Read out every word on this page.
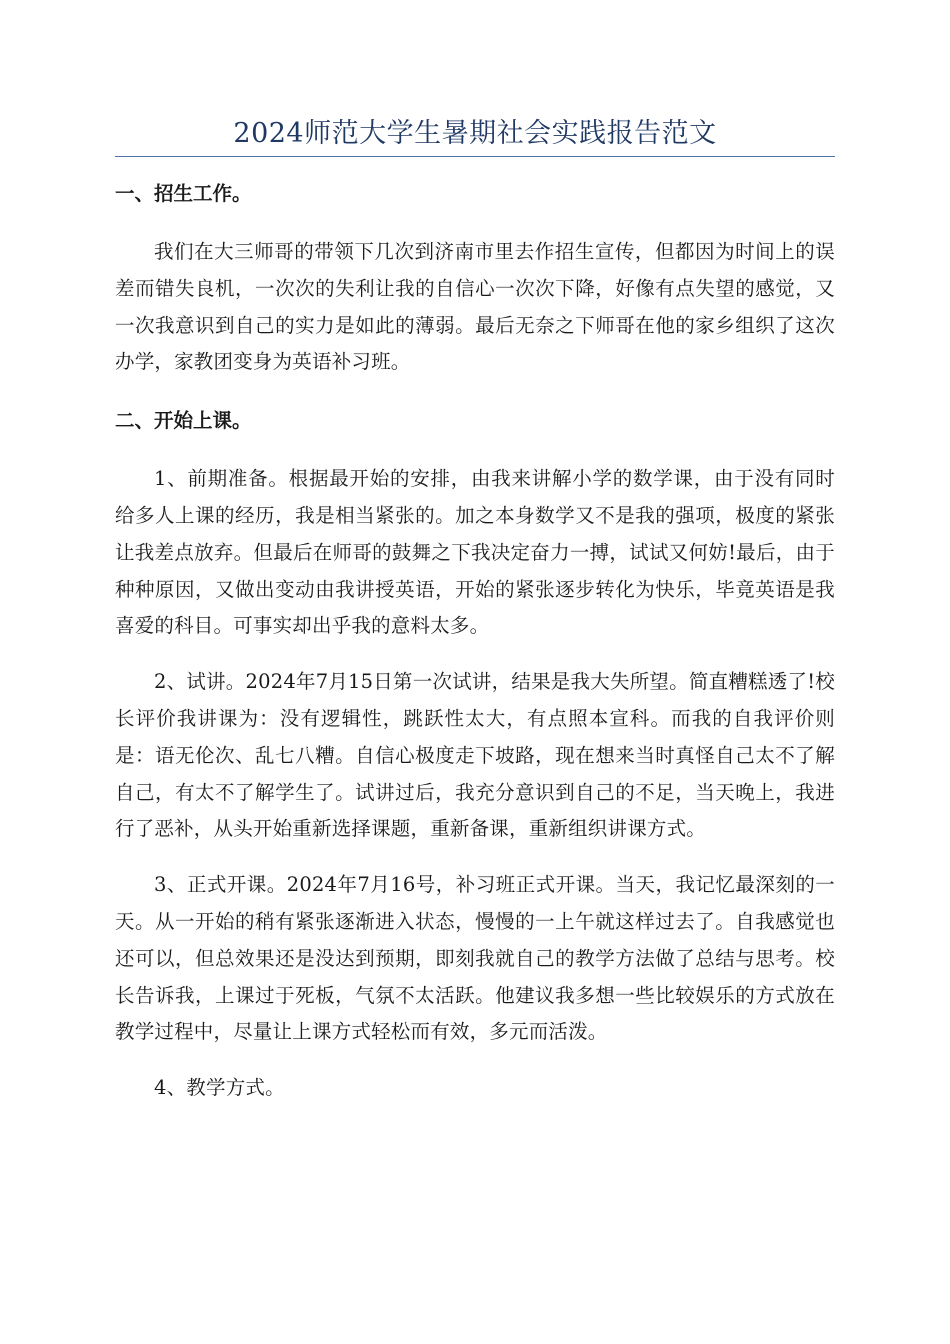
2024师范大学生暑期社会实践报告范文
一、招生工作。

我们在大三师哥的带领下几次到济南市里去作招生宣传，但都因为时间上的误差而错失良机，一次次的失利让我的自信心一次次下降，好像有点失望的感觉，又一次我意识到自己的实力是如此的薄弱。最后无奈之下师哥在他的家乡组织了这次办学，家教团变身为英语补习班。

二、开始上课。

1、前期准备。根据最开始的安排，由我来讲解小学的数学课，由于没有同时给多人上课的经历，我是相当紧张的。加之本身数学又不是我的强项，极度的紧张让我差点放弃。但最后在师哥的鼓舞之下我决定奋力一搏，试试又何妨!最后，由于种种原因，又做出变动由我讲授英语，开始的紧张逐步转化为快乐，毕竟英语是我喜爱的科目。可事实却出乎我的意料太多。

2、试讲。2024年7月15日第一次试讲，结果是我大失所望。简直糟糕透了!校长评价我讲课为：没有逻辑性，跳跃性太大，有点照本宣科。而我的自我评价则是：语无伦次、乱七八糟。自信心极度走下坡路，现在想来当时真怪自己太不了解自己，有太不了解学生了。试讲过后，我充分意识到自己的不足，当天晚上，我进行了恶补，从头开始重新选择课题，重新备课，重新组织讲课方式。

3、正式开课。2024年7月16号，补习班正式开课。当天，我记忆最深刻的一天。从一开始的稍有紧张逐渐进入状态，慢慢的一上午就这样过去了。自我感觉也还可以，但总效果还是没达到预期，即刻我就自己的教学方法做了总结与思考。校长告诉我，上课过于死板，气氛不太活跃。他建议我多想一些比较娱乐的方式放在教学过程中，尽量让上课方式轻松而有效，多元而活泼。

4、教学方式。
